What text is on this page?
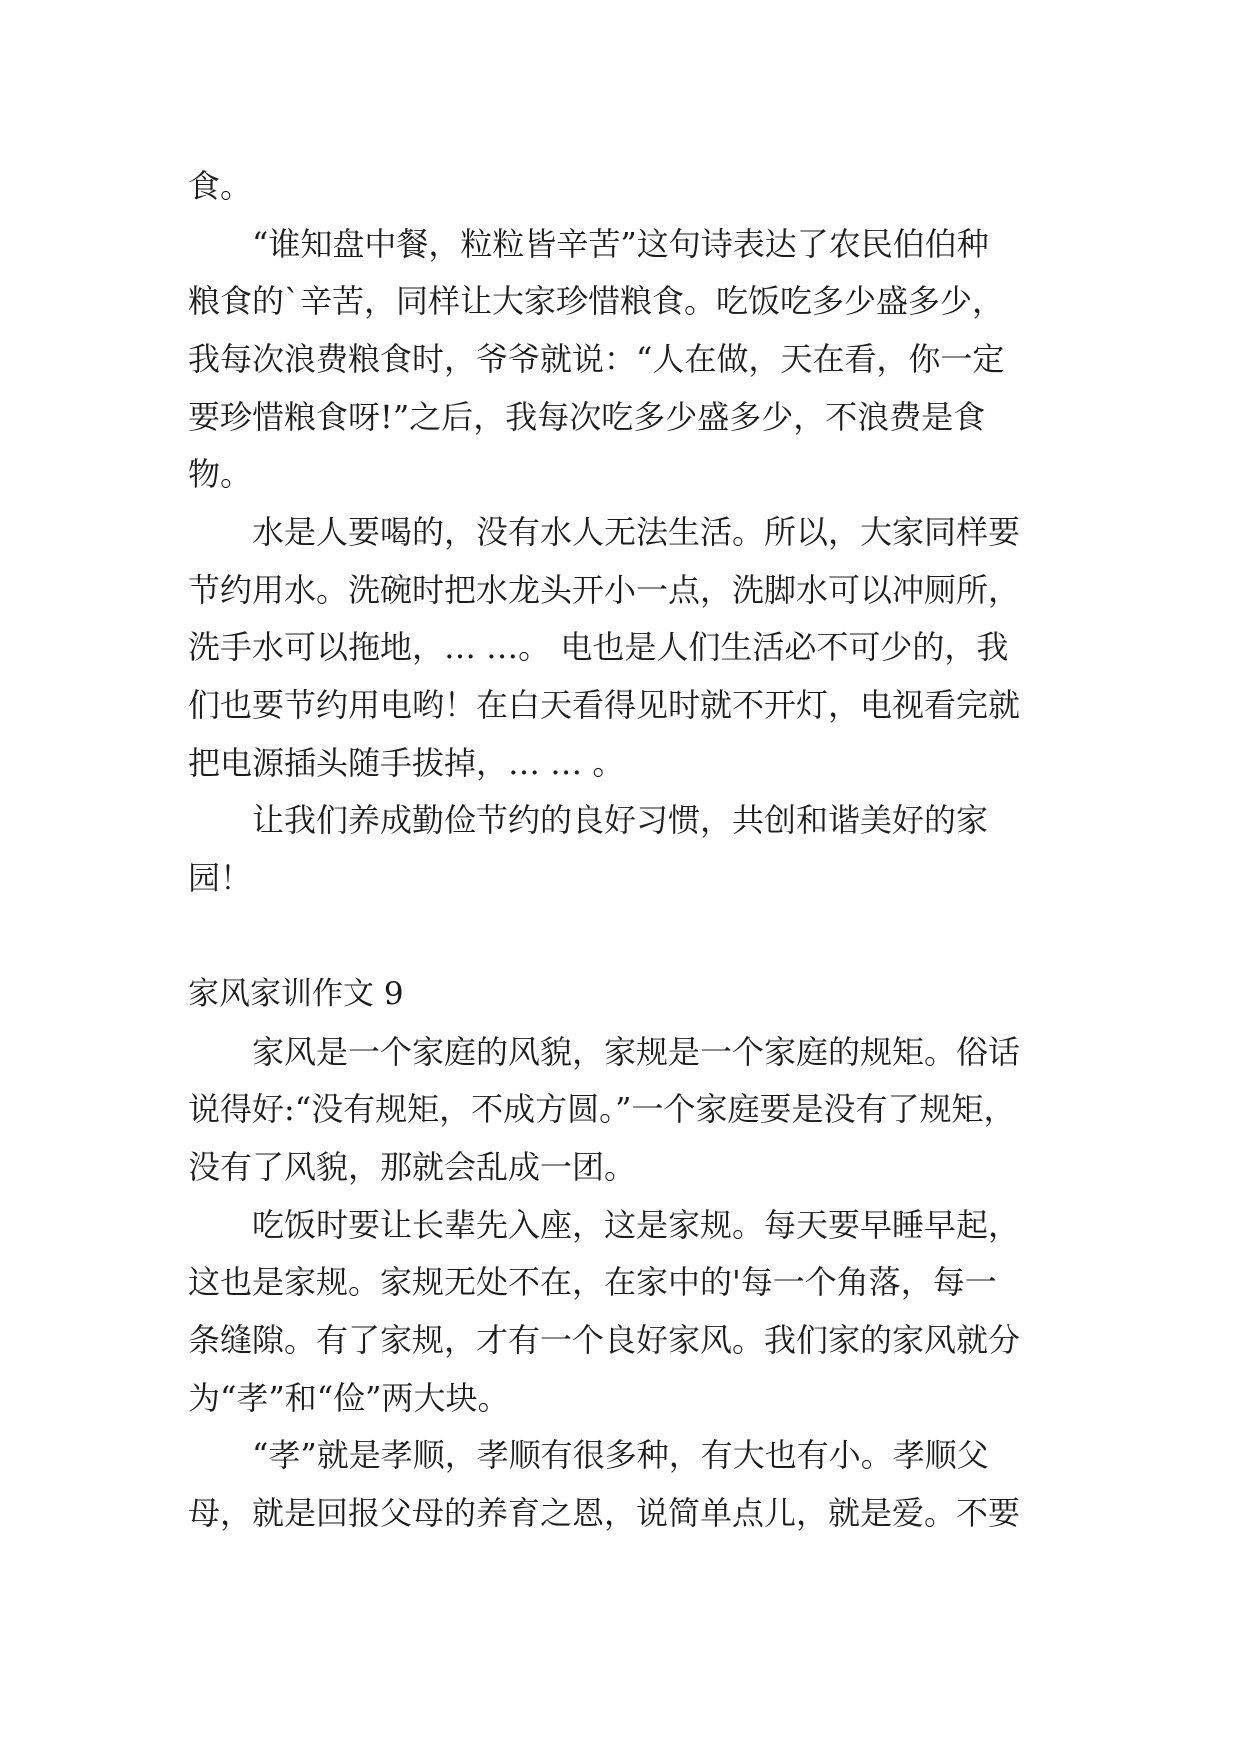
食。

“谁知盘中餐，粒粒皆辛苦”这句诗表达了农民伯伯种

粮食的`辛苦，同样让大家珍惜粮食。吃饭吃多少盛多少，

我每次浪费粮食时，爷爷就说：“人在做，天在看，你一定

要珍惜粮食呀!”之后，我每次吃多少盛多少，不浪费是食

物。

水是人要喝的，没有水人无法生活。所以，大家同样要

节约用水。洗碗时把水龙头开小一点，洗脚水可以冲厕所，

洗手水可以拖地，… …。 电也是人们生活必不可少的，我

们也要节约用电哟！在白天看得见时就不开灯，电视看完就

把电源插头随手拔掉，… … 。

让我们养成勤俭节约的良好习惯，共创和谐美好的家

园！

家风家训作文 9

家风是一个家庭的风貌，家规是一个家庭的规矩。俗话

说得好:“没有规矩，不成方圆。”一个家庭要是没有了规矩，

没有了风貌，那就会乱成一团。

吃饭时要让长辈先入座，这是家规。每天要早睡早起，

这也是家规。家规无处不在，在家中的'每一个角落，每一

条缝隙。有了家规，才有一个良好家风。我们家的家风就分

为“孝”和“俭”两大块。

“孝”就是孝顺，孝顺有很多种，有大也有小。孝顺父

母，就是回报父母的养育之恩，说简单点儿，就是爱。不要
